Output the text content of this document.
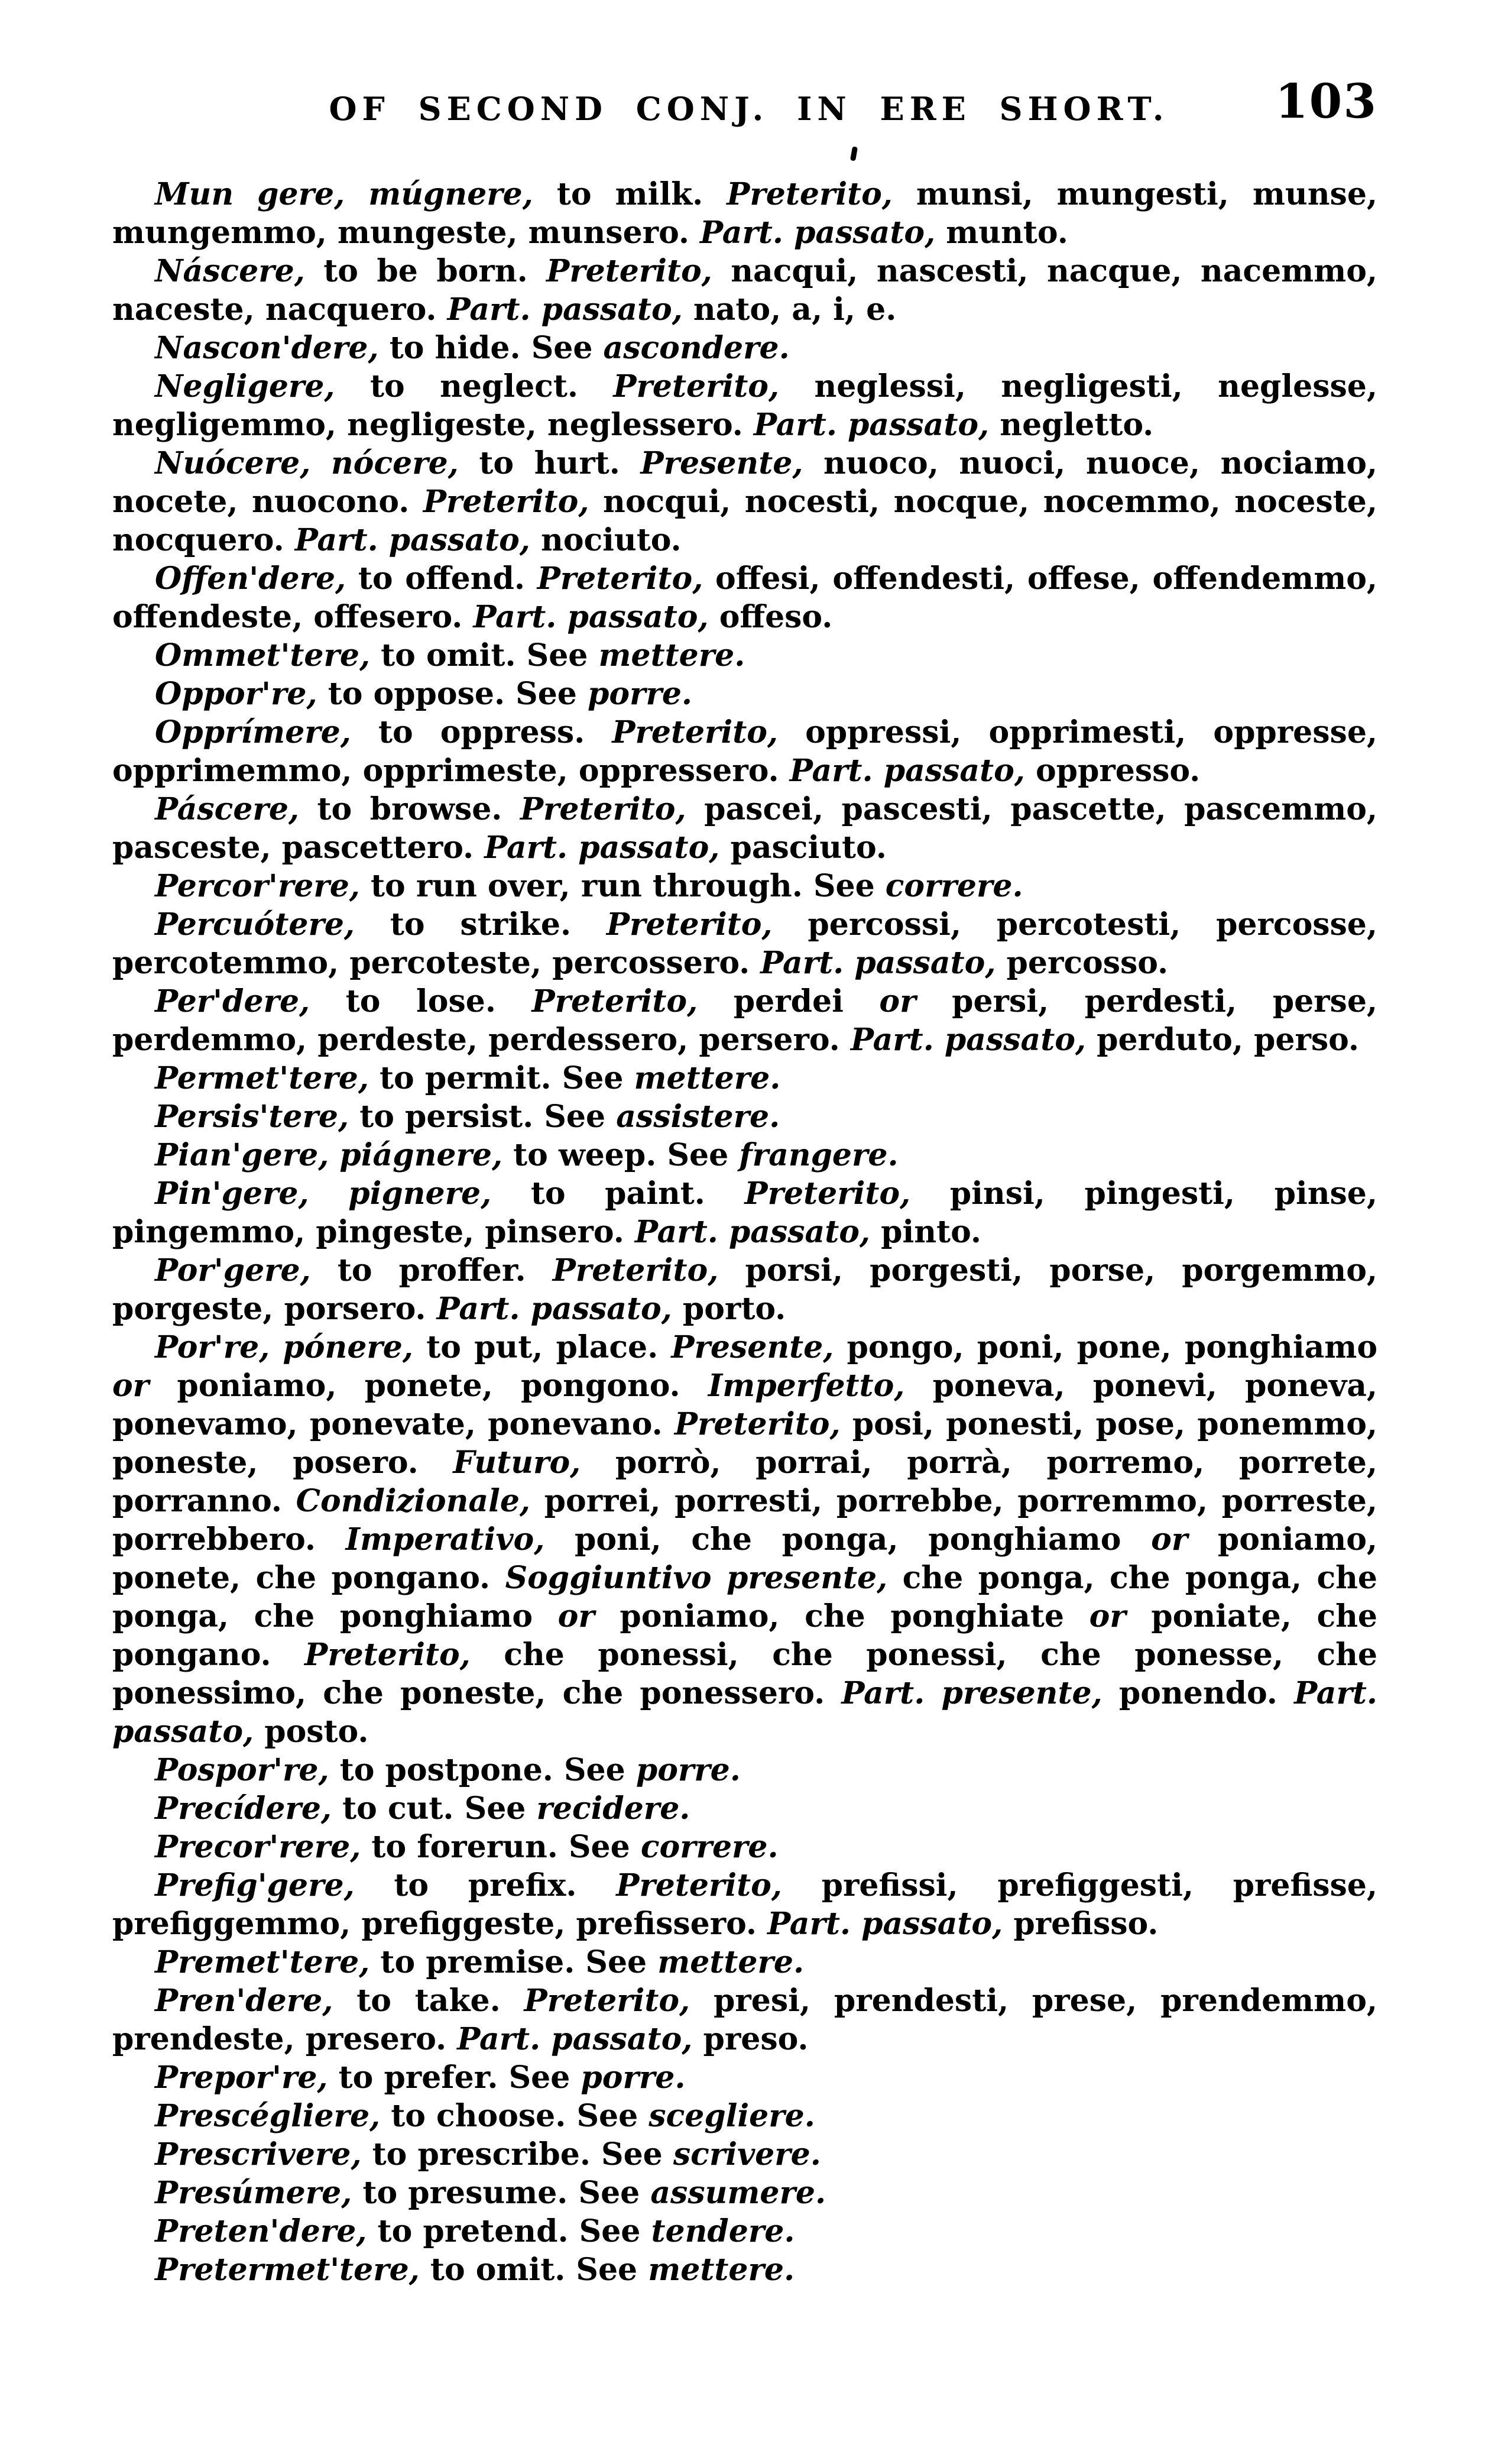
OF SECOND CONJ. IN ERE SHORT.	103

Mun gere, múgnere, to milk. Preterito, munsi, mungesti, munse, mungemmo, mungeste, munsero. Part. passato, munto.

Náscere, to be born. Preterito, nacqui, nascesti, nacque, nacemmo, naceste, nacquero. Part. passato, nato, a, i, e.

Nascon'dere, to hide. See ascondere.

Negligere, to neglect. Preterito, neglessi, negligesti, neglesse, negligemmo, negligeste, neglessero. Part. passato, negletto.

Nuócere, nócere, to hurt. Presente, nuoco, nuoci, nuoce, nociamo, nocete, nuocono. Preterito, nocqui, nocesti, nocque, nocemmo, noceste, nocquero. Part. passato, nociuto.

Offen'dere, to offend. Preterito, offesi, offendesti, offese, offendemmo, offendeste, offesero. Part. passato, offeso.

Ommet'tere, to omit. See mettere.

Oppor're, to oppose. See porre.

Opprímere, to oppress. Preterito, oppressi, opprimesti, oppresse, opprimemmo, opprimeste, oppressero. Part. passato, oppresso.

Páscere, to browse. Preterito, pascei, pascesti, pascette, pascemmo, pasceste, pascettero. Part. passato, pasciuto.

Percor'rere, to run over, run through. See correre.

Percuótere, to strike. Preterito, percossi, percotesti, percosse, percotemmo, percoteste, percossero. Part. passato, percosso.

Per'dere, to lose. Preterito, perdei or persi, perdesti, perse, perdemmo, perdeste, perdessero, persero. Part. passato, perduto, perso.

Permet'tere, to permit. See mettere.

Persis'tere, to persist. See assistere.

Pian'gere, piágnere, to weep. See frangere.

Pin'gere, pignere, to paint. Preterito, pinsi, pingesti, pinse, pingemmo, pingeste, pinsero. Part. passato, pinto.

Por'gere, to proffer. Preterito, porsi, porgesti, porse, porgemmo, porgeste, porsero. Part. passato, porto.

Por're, pónere, to put, place. Presente, pongo, poni, pone, ponghiamo or poniamo, ponete, pongono. Imperfetto, poneva, ponevi, poneva, ponevamo, ponevate, ponevano. Preterito, posi, ponesti, pose, ponemmo, poneste, posero. Futuro, porrò, porrai, porrà, porremo, porrete, porranno. Condizionale, porrei, porresti, porrebbe, porremmo, porreste, porrebbero. Imperativo, poni, che ponga, ponghiamo or poniamo, ponete, che pongano. Soggiuntivo presente, che ponga, che ponga, che ponga, che ponghiamo or poniamo, che ponghiate or poniate, che pongano. Preterito, che ponessi, che ponessi, che ponesse, che ponessimo, che poneste, che ponessero. Part. presente, ponendo. Part. passato, posto.

Pospor're, to postpone. See porre.

Precídere, to cut. See recidere.

Precor'rere, to forerun. See correre.

Prefig'gere, to prefix. Preterito, prefissi, prefiggesti, prefisse, prefiggemmo, prefiggeste, prefissero. Part. passato, prefisso.

Premet'tere, to premise. See mettere.

Pren'dere, to take. Preterito, presi, prendesti, prese, prendemmo, prendeste, presero. Part. passato, preso.

Prepor're, to prefer. See porre.

Prescégliere, to choose. See scegliere.

Prescrivere, to prescribe. See scrivere.

Presúmere, to presume. See assumere.

Preten'dere, to pretend. See tendere.

Pretermet'tere, to omit. See mettere.
